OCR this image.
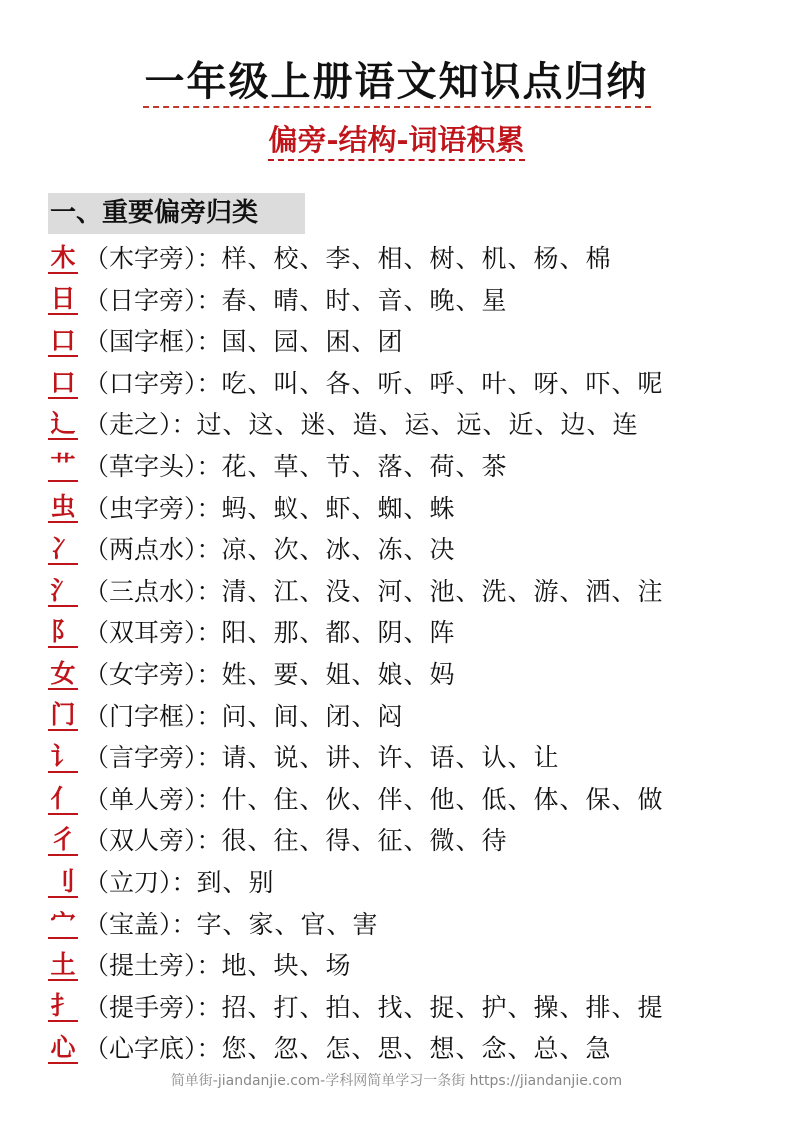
一年级上册语文知识点归纳
偏旁-结构-词语积累
一、重要偏旁归类
木 （木字旁）： 样、校、李、相、树、机、杨、棉
日 （日字旁）： 春、晴、时、音、晚、星
口 （国字框）： 国、园、困、团
口 （口字旁）： 吃、叫、各、听、呼、叶、呀、吓、呢
辶 （走之）： 过、这、迷、造、运、远、近、边、连
艹 （草字头）： 花、草、节、落、荷、茶
虫 （虫字旁）： 蚂、蚁、虾、蜘、蛛
冫 （两点水）： 凉、次、冰、冻、决
氵 （三点水）： 清、江、没、河、池、洗、游、洒、注
阝 （双耳旁）： 阳、那、都、阴、阵
女 （女字旁）： 姓、要、姐、娘、妈
门 （门字框）： 问、间、闭、闷
讠 （言字旁）： 请、说、讲、许、语、认、让
亻 （单人旁）： 什、住、伙、伴、他、低、体、保、做
彳 （双人旁）： 很、往、得、征、微、待
刂 （立刀）： 到、别
宀 （宝盖）： 字、家、官、害
土 （提土旁）： 地、块、场
扌 （提手旁）： 招、打、拍、找、捉、护、操、排、提
心 （心字底）： 您、忽、怎、思、想、念、总、急
简单街-jiandanjie.com-学科网简单学习一条街 https://jiandanjie.com
